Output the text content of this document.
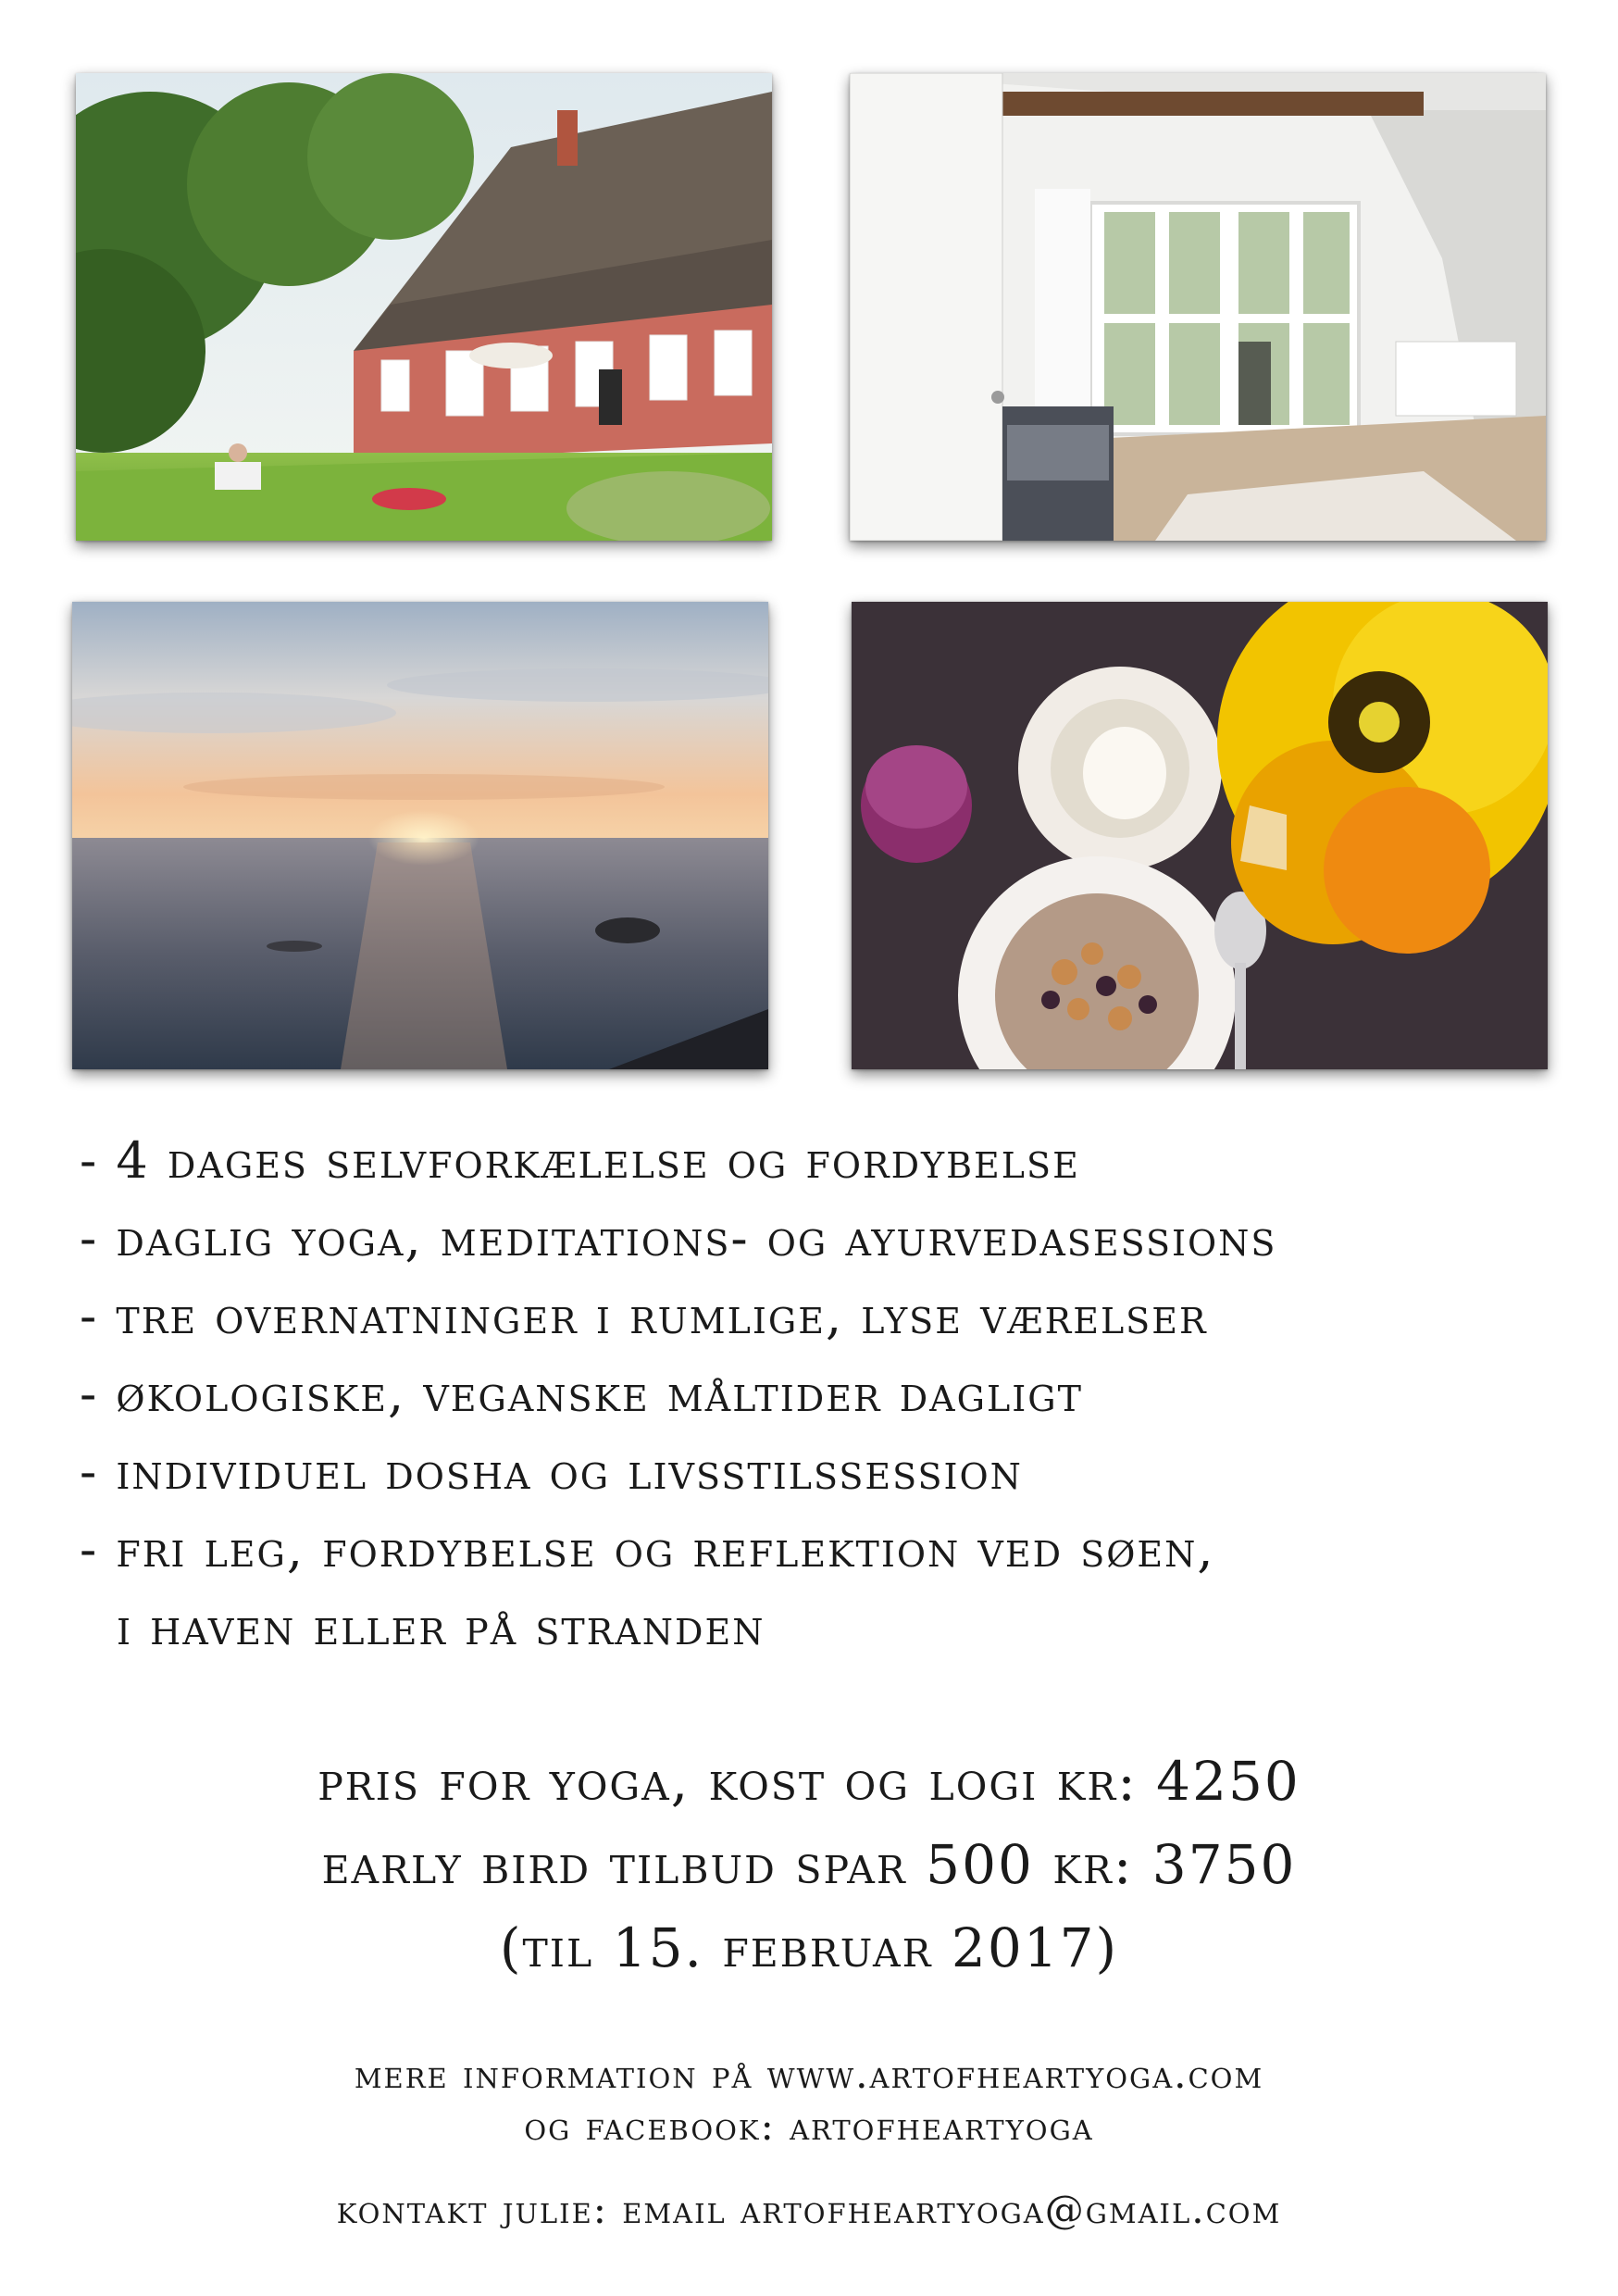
- 4 dages selvforkælelse og fordybelse
- daglig yoga, meditations- og ayurvedasessions
- tre overnatninger i rumlige, lyse værelser
- økologiske, veganske måltider dagligt
- individuel dosha og livsstilssession
- fri leg, fordybelse og reflektion ved søen,
i haven eller på stranden
pris for yoga, kost og logi kr: 4250
early bird tilbud spar 500 kr: 3750
(til 15. februar 2017)
mere information på www.artofheartyoga.com
og facebook: artofheartyoga
kontakt julie: email artofheartyoga@gmail.com
